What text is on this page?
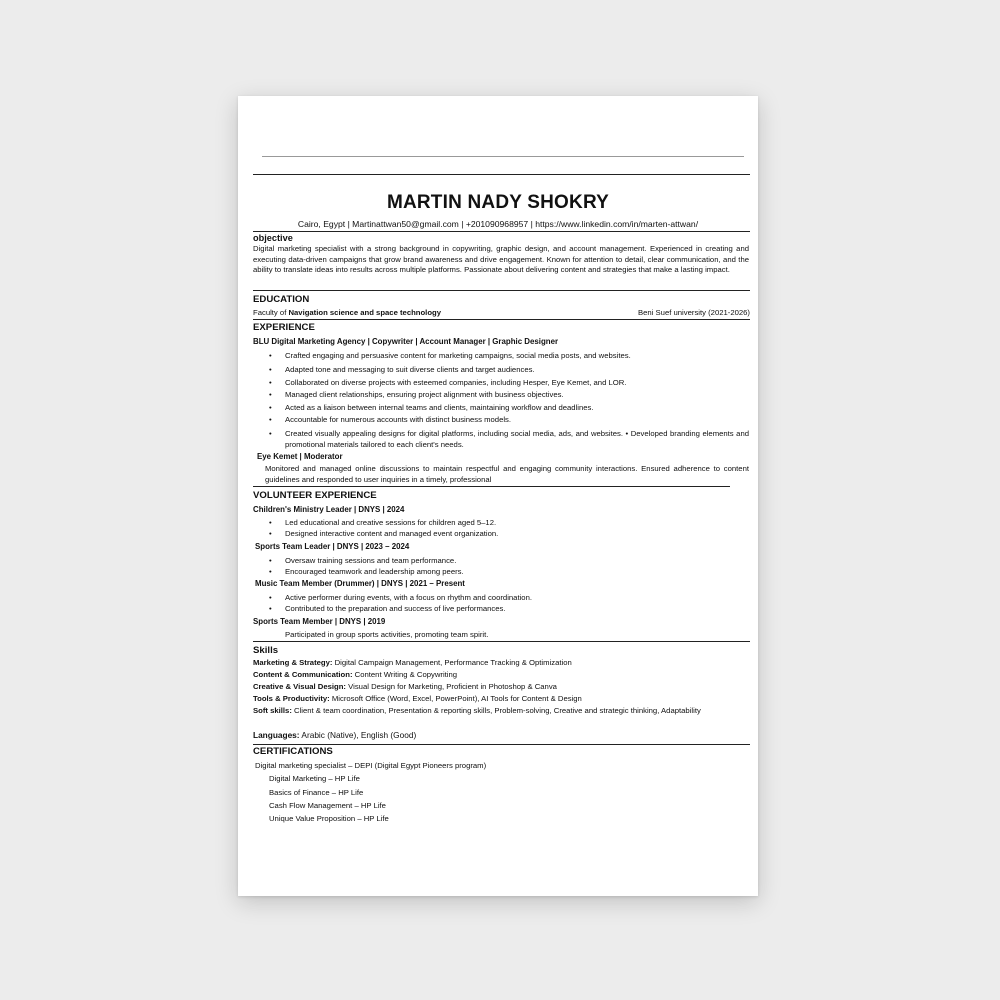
MARTIN NADY SHOKRY
Cairo, Egypt | Martinattwan50@gmail.com | +201090968957 | https://www.linkedin.com/in/marten-attwan/
objective
Digital marketing specialist with a strong background in copywriting, graphic design, and account management. Experienced in creating and executing data-driven campaigns that grow brand awareness and drive engagement. Known for attention to detail, clear communication, and the ability to translate ideas into results across multiple platforms. Passionate about delivering content and strategies that make a lasting impact.
EDUCATION
Faculty of Navigation science and space technology	Beni Suef university (2021-2026)
EXPERIENCE
BLU Digital Marketing Agency | Copywriter | Account Manager | Graphic Designer
• Crafted engaging and persuasive content for marketing campaigns, social media posts, and websites.
• Adapted tone and messaging to suit diverse clients and target audiences.
• Collaborated on diverse projects with esteemed companies, including Hesper, Eye Kemet, and LOR.
• Managed client relationships, ensuring project alignment with business objectives.
• Acted as a liaison between internal teams and clients, maintaining workflow and deadlines.
• Accountable for numerous accounts with distinct business models.
• Created visually appealing designs for digital platforms, including social media, ads, and websites. • Developed branding elements and promotional materials tailored to each client's needs.
Eye Kemet | Moderator
Monitored and managed online discussions to maintain respectful and engaging community interactions. Ensured adherence to content guidelines and responded to user inquiries in a timely, professional
VOLUNTEER EXPERIENCE
Children's Ministry Leader | DNYS | 2024
• Led educational and creative sessions for children aged 5–12.
• Designed interactive content and managed event organization.
Sports Team Leader | DNYS | 2023 – 2024
• Oversaw training sessions and team performance.
• Encouraged teamwork and leadership among peers.
Music Team Member (Drummer) | DNYS | 2021 – Present
• Active performer during events, with a focus on rhythm and coordination.
• Contributed to the preparation and success of live performances.
Sports Team Member | DNYS | 2019
Participated in group sports activities, promoting team spirit.
Skills
Marketing & Strategy: Digital Campaign Management, Performance Tracking & Optimization
Content & Communication: Content Writing & Copywriting
Creative & Visual Design: Visual Design for Marketing, Proficient in Photoshop & Canva
Tools & Productivity: Microsoft Office (Word, Excel, PowerPoint), AI Tools for Content & Design
Soft skills: Client & team coordination, Presentation & reporting skills, Problem-solving, Creative and strategic thinking, Adaptability
Languages: Arabic (Native), English (Good)
CERTIFICATIONS
Digital marketing specialist – DEPI (Digital Egypt Pioneers program)
Digital Marketing – HP Life
Basics of Finance – HP Life
Cash Flow Management – HP Life
Unique Value Proposition – HP Life
